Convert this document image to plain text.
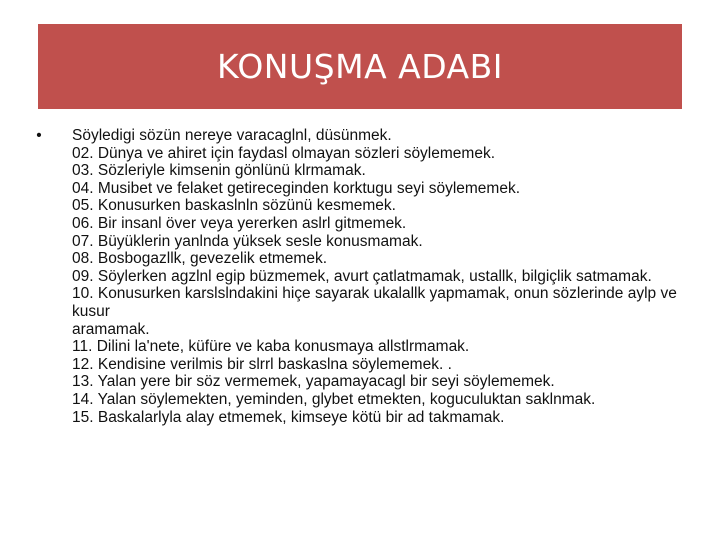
KONUŞMA ADABI
• Söyledigi sözün nereye varacaglnl, düsünmek.
02. Dünya ve ahiret için faydasl olmayan sözleri söylememek.
03. Sözleriyle kimsenin gönlünü klrmamak.
04. Musibet ve felaket getireceginden korktugu seyi söylememek.
05. Konusurken baskaslnln sözünü kesmemek.
06. Bir insanl över veya yererken aslrl gitmemek.
07. Büyüklerin yanlnda yüksek sesle konusmamak.
08. Bosbogazllk, gevezelik etmemek.
09. Söylerken agzlnl egip büzmemek, avurt çatlatmamak, ustallk, bilgiçlik satmamak.
10. Konusurken karslslndakini hiçe sayarak ukalallk yapmamak, onun sözlerinde aylp ve kusur
aramamak.
11. Dilini la'nete, küfüre ve kaba konusmaya allstlrmamak.
12. Kendisine verilmis bir slrrl baskaslna söylememek. .
13. Yalan yere bir söz vermemek, yapamayacagl bir seyi söylememek.
14. Yalan söylemekten, yeminden, glybet etmekten, koguculuktan saklnmak.
15. Baskalarlyla alay etmemek, kimseye kötü bir ad takmamak.
